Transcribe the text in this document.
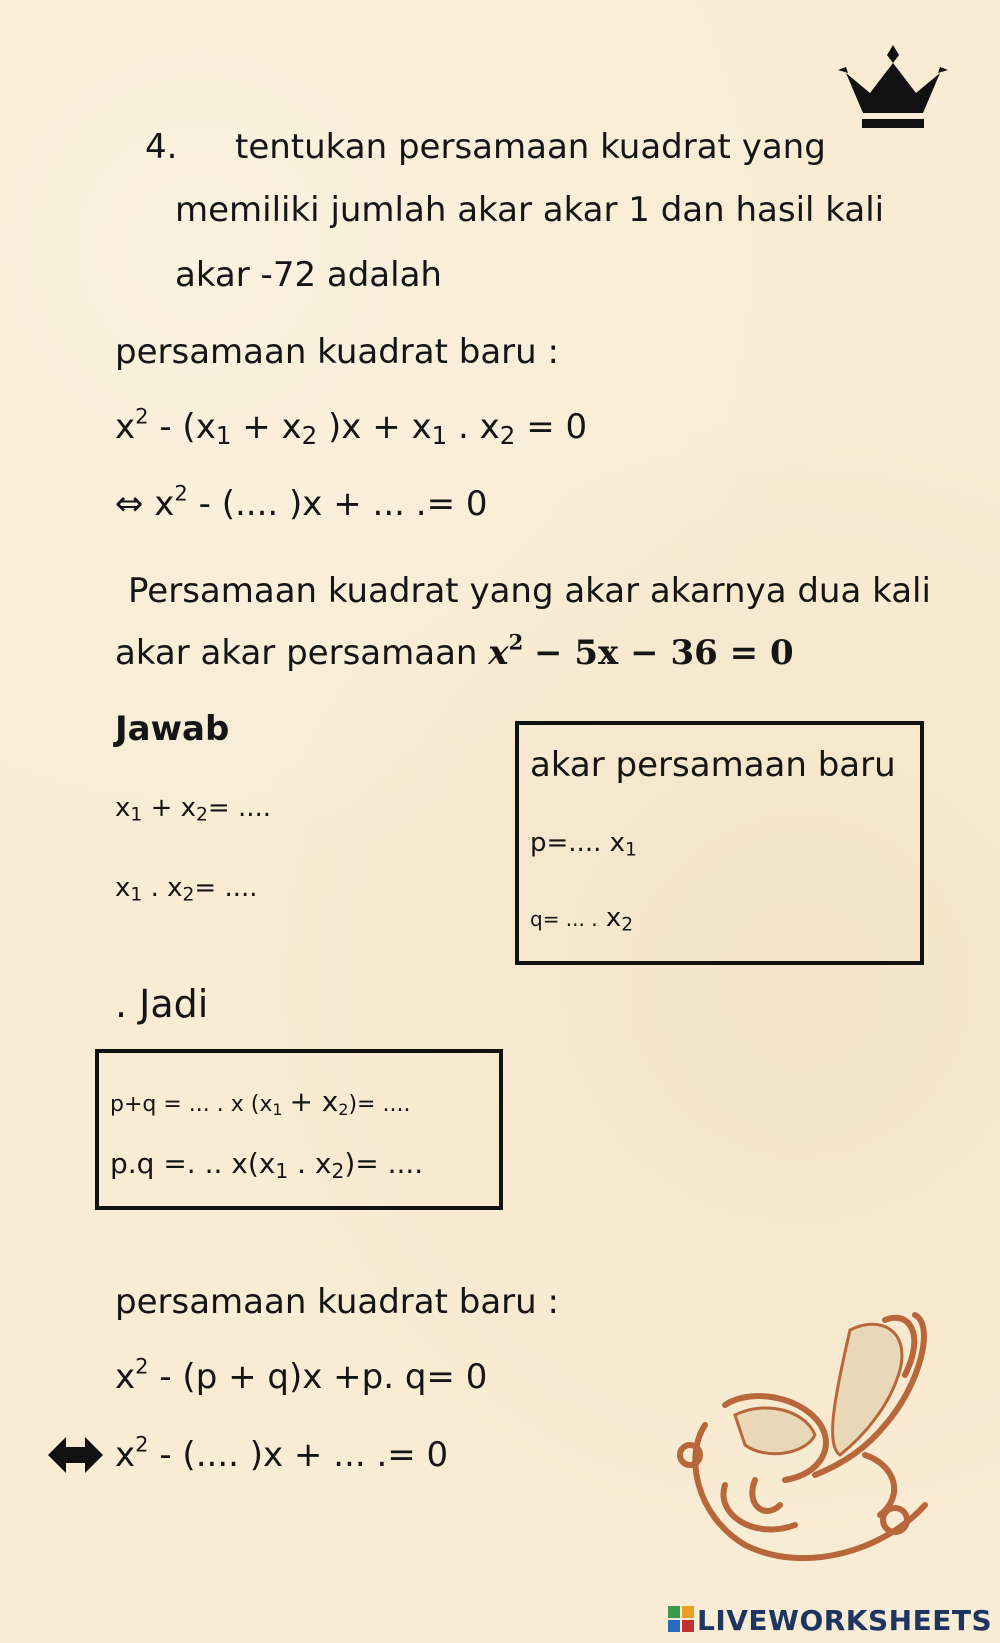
4. tentukan persamaan kuadrat yang
memiliki jumlah akar akar 1 dan hasil kali
akar -72 adalah
persamaan kuadrat baru :
$x^2 - (x_1 + x_2$ )$x + x_1$ . $x_2 = 0$
⇔ $x^2$ - (.... )x + ... .= 0
Persamaan kuadrat yang akar akarnya dua kali
akar akar persamaan $x^2 - 5x - 36 = 0$
Jawab
$x_1 + x_2=$ ....
$x_1$ . $x_2=$ ....
akar persamaan baru
p=.... $x_1$
q= ... . $x_2$
. Jadi
p+q = ... . x $(x_1 + x_2)=$ ....
p.q =. .. $x(x_1$ . $x_2)=$ ....
persamaan kuadrat baru :
$x^2 - (p + q)x +p$. q= 0
$x^2$ - (.... )x + ... .= 0
LIVEWORKSHEETS
